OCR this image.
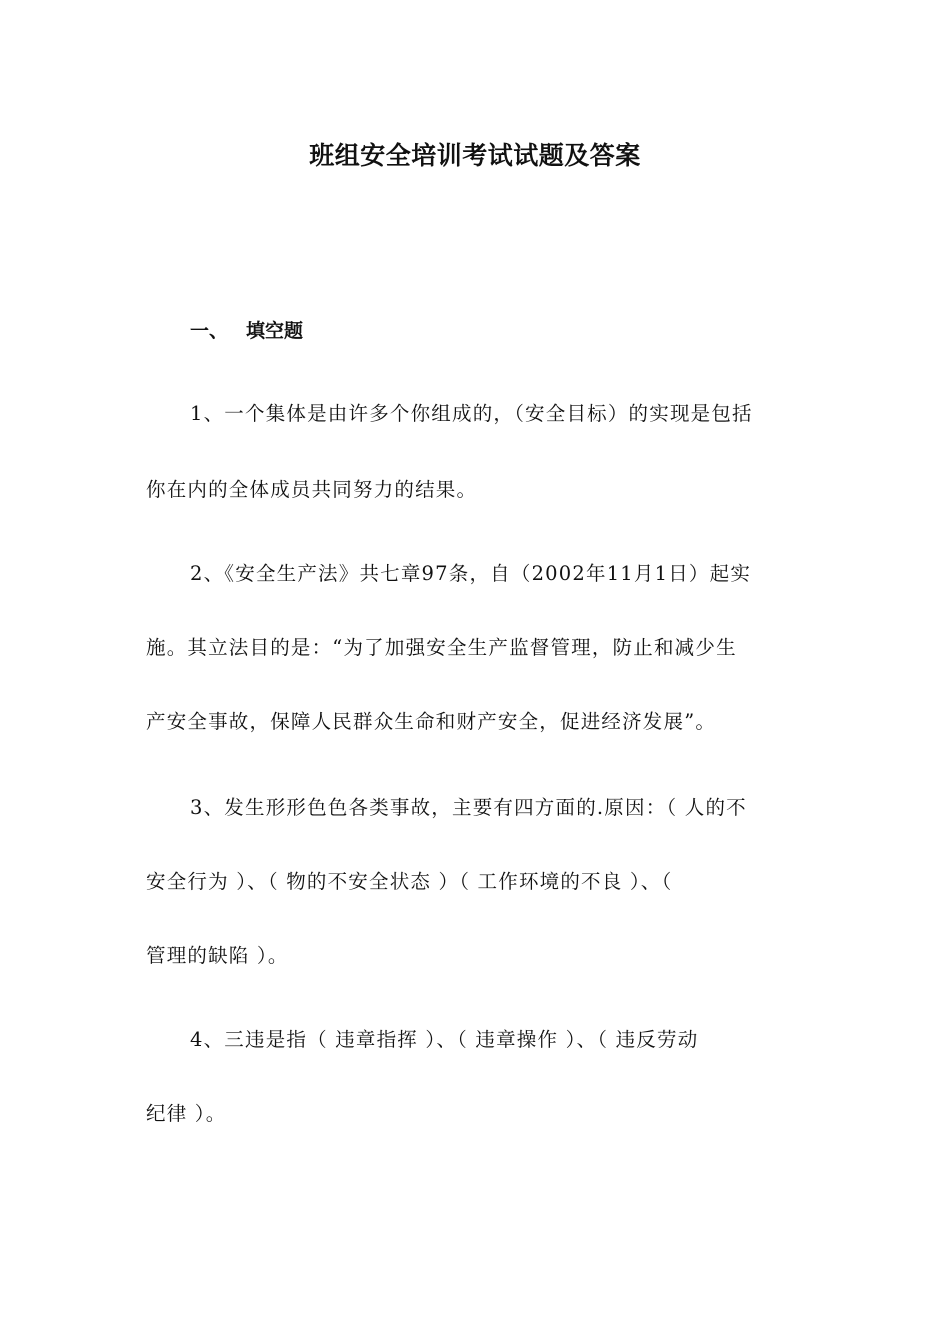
班组安全培训考试试题及答案
一、 填空题

1、一个集体是由许多个你组成的，（安全目标）的实现是包括

你在内的全体成员共同努力的结果。

2、《安全生产法》共七章97条，自（2002年11月1日）起实

施。其立法目的是：“为了加强安全生产监督管理，防止和减少生

产安全事故，保障人民群众生命和财产安全，促进经济发展”。

3、发生形形色色各类事故，主要有四方面的.原因：（ 人的不

安全行为 ）、（ 物的不安全状态 ）（ 工作环境的不良 ）、（

管理的缺陷 ）。

4、三违是指（ 违章指挥 ）、（ 违章操作 ）、（ 违反劳动

纪律 ）。
